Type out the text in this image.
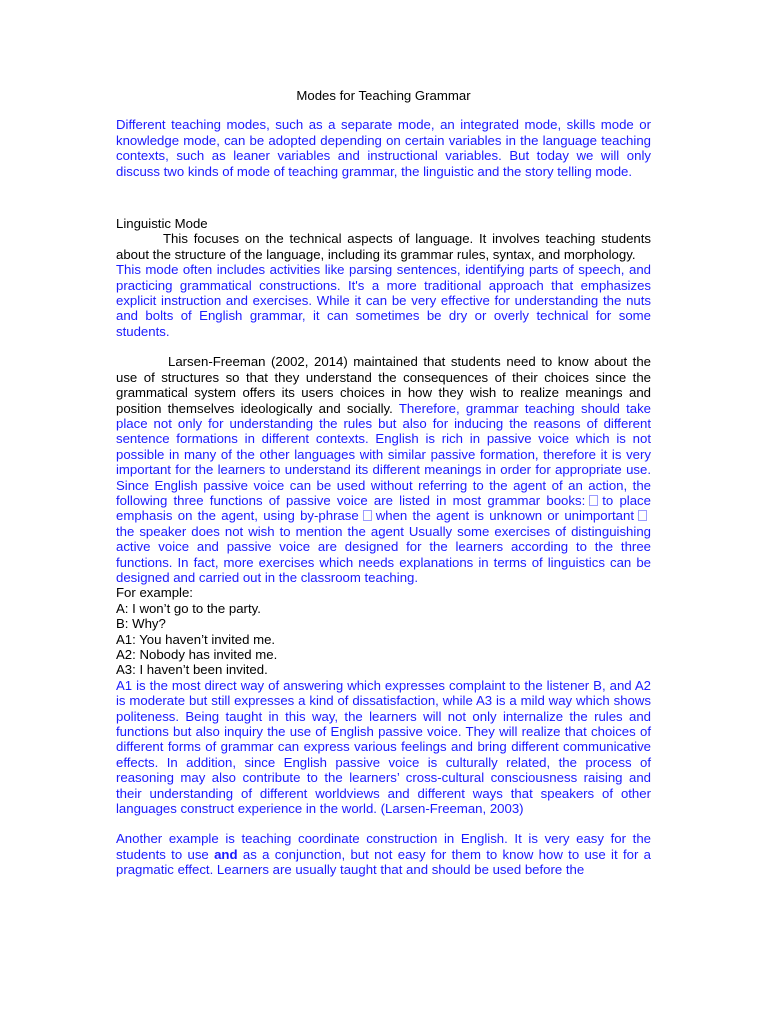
Modes for Teaching Grammar

Different teaching modes, such as a separate mode, an integrated mode, skills mode or knowledge mode, can be adopted depending on certain variables in the language teaching contexts, such as leaner variables and instructional variables. But today we will only discuss two kinds of mode of teaching grammar, the linguistic and the story telling mode.

Linguistic Mode

This focuses on the technical aspects of language. It involves teaching students about the structure of the language, including its grammar rules, syntax, and morphology.

This mode often includes activities like parsing sentences, identifying parts of speech, and practicing grammatical constructions. It's a more traditional approach that emphasizes explicit instruction and exercises. While it can be very effective for understanding the nuts and bolts of English grammar, it can sometimes be dry or overly technical for some students.

Larsen-Freeman (2002, 2014) maintained that students need to know about the use of structures so that they understand the consequences of their choices since the grammatical system offers its users choices in how they wish to realize meanings and position themselves ideologically and socially. Therefore, grammar teaching should take place not only for understanding the rules but also for inducing the reasons of different sentence formations in different contexts. English is rich in passive voice which is not possible in many of the other languages with similar passive formation, therefore it is very important for the learners to understand its different meanings in order for appropriate use. Since English passive voice can be used without referring to the agent of an action, the following three functions of passive voice are listed in most grammar books: to place emphasis on the agent, using by-phrase when the agent is unknown or unimportantthe speaker does not wish to mention the agent Usually some exercises of distinguishing active voice and passive voice are designed for the learners according to the three functions. In fact, more exercises which needs explanations in terms of linguistics can be designed and carried out in the classroom teaching.

For example:

A: I won’t go to the party.

B: Why?

A1: You haven’t invited me.

A2: Nobody has invited me.

A3: I haven’t been invited.

A1 is the most direct way of answering which expresses complaint to the listener B, and A2 is moderate but still expresses a kind of dissatisfaction, while A3 is a mild way which shows politeness. Being taught in this way, the learners will not only internalize the rules and functions but also inquiry the use of English passive voice. They will realize that choices of different forms of grammar can express various feelings and bring different communicative effects. In addition, since English passive voice is culturally related, the process of reasoning may also contribute to the learners’ cross-cultural consciousness raising and their understanding of different worldviews and different ways that speakers of other languages construct experience in the world. (Larsen-Freeman, 2003)

Another example is teaching coordinate construction in English. It is very easy for the students to use and as a conjunction, but not easy for them to know how to use it for a pragmatic effect. Learners are usually taught that and should be used before the
